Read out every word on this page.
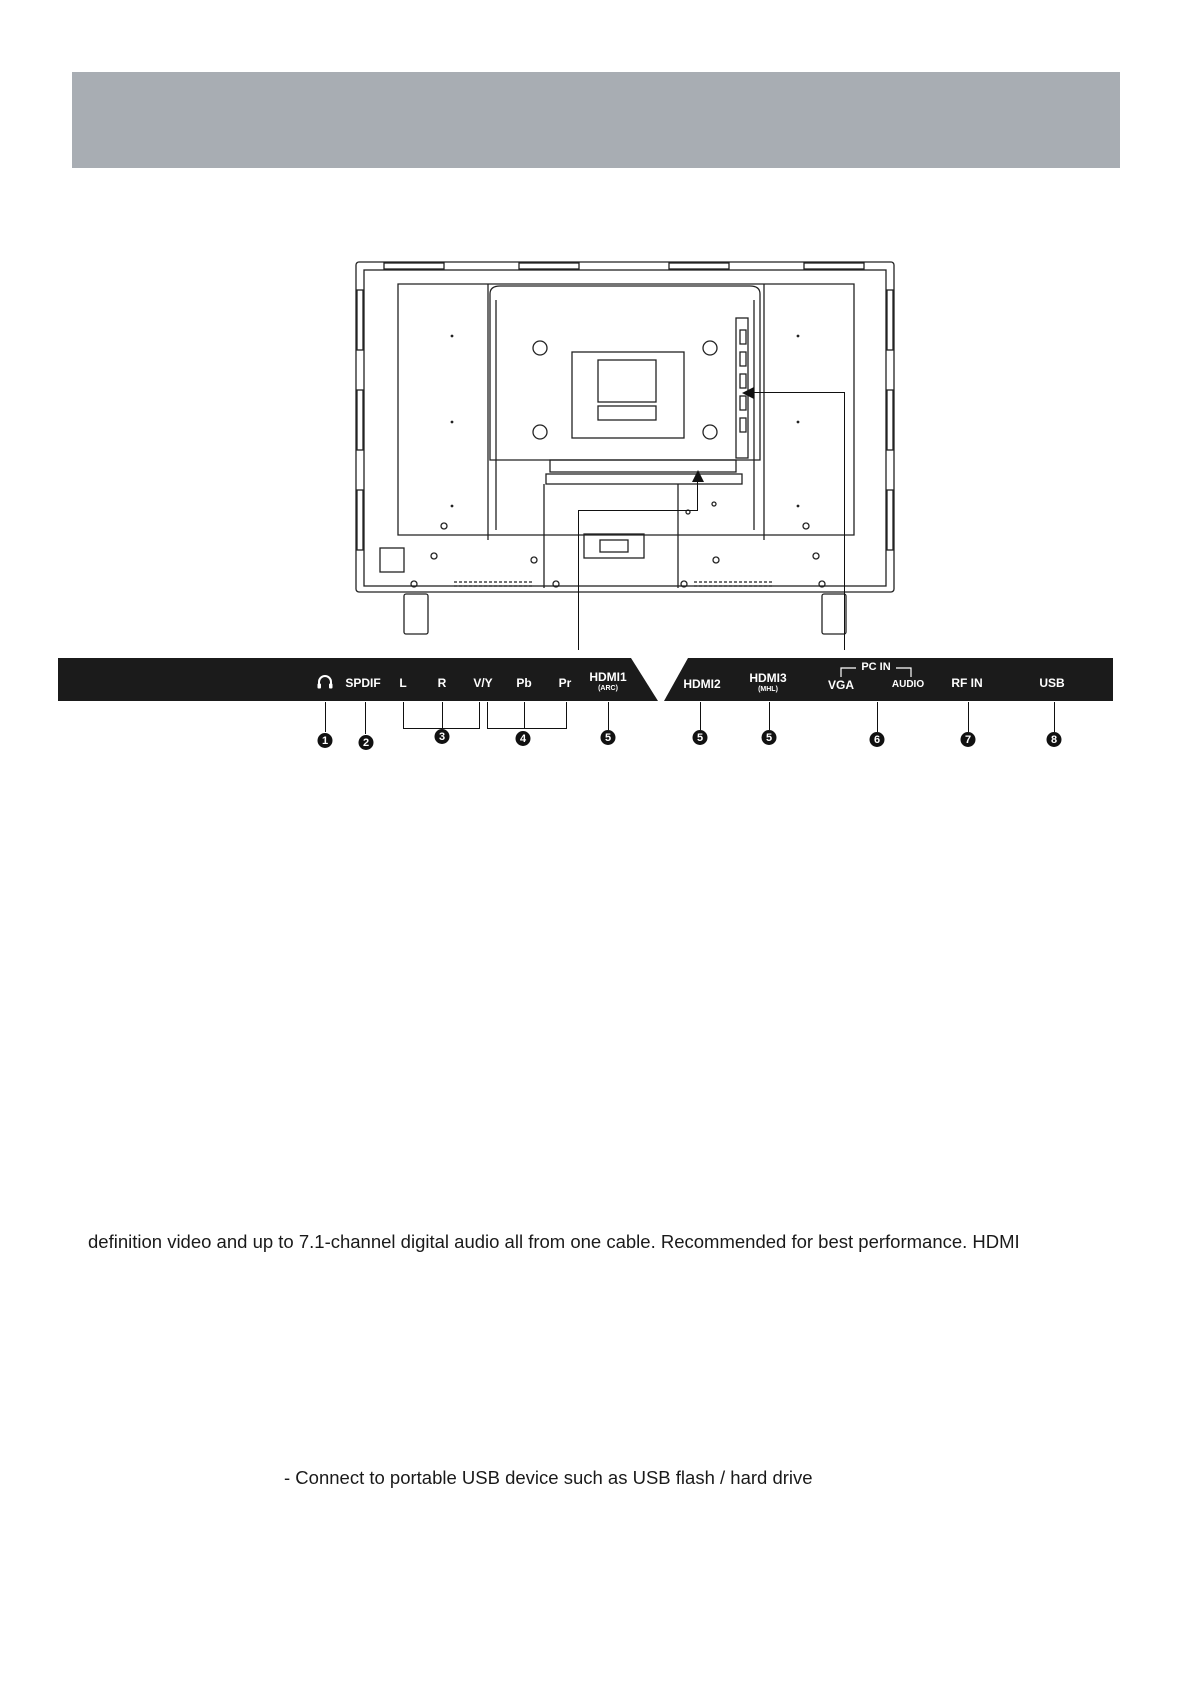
SPDIF L	R V/Y Pb Pr HDMI1
(ARC)	HDMI2 HDMI3
(MHL)	VGA	AUDIO RF IN	USB
PC IN
1	2	3	4	5	5	5	6	7	8
definition video and up to 7.1-channel digital audio all from one cable. Recommended for best performance. HDMI
- Connect to portable USB device such as USB flash / hard drive
